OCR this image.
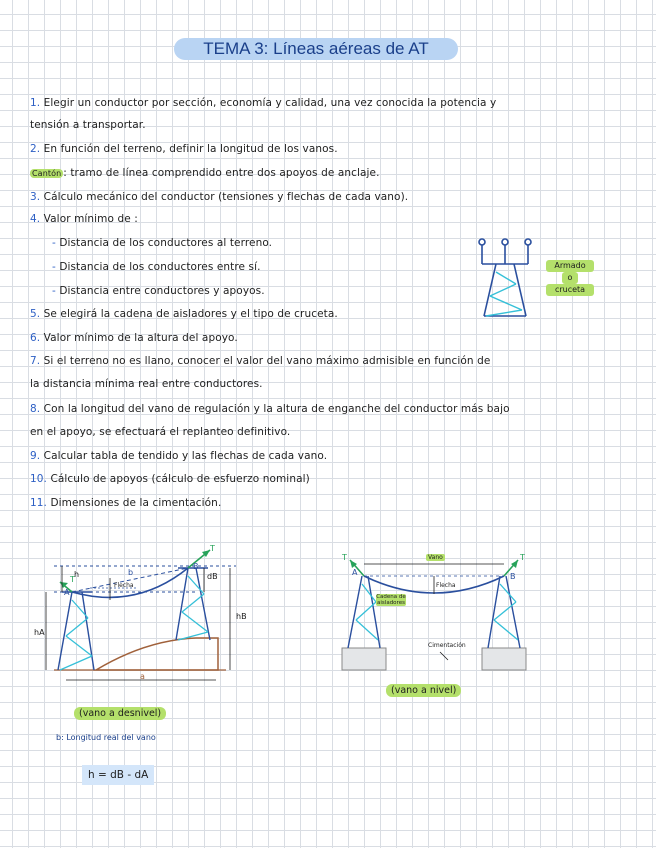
TEMA 3: Líneas aéreas de AT
1. Elegir un conductor por sección, economía y calidad, una vez conocida la potencia y
tensión a transportar.
2. En función del terreno, definir la longitud de los vanos.
Cantón : tramo de línea comprendido entre dos apoyos de anclaje.
3. Cálculo mecánico del conductor (tensiones y flechas de cada vano).
4. Valor mínimo de :
- Distancia de los conductores al terreno.
- Distancia de los conductores entre sí.
- Distancia entre conductores y apoyos.
5. Se elegirá la cadena de aisladores y el tipo de cruceta.
6. Valor mínimo de la altura del apoyo.
7. Si el terreno no es llano, conocer el valor del vano máximo admisible en función de
la distancia mínima real entre conductores.
8. Con la longitud del vano de regulación y la altura de enganche del conductor más bajo
en el apoyo, se efectuará el replanteo definitivo.
9. Calcular tabla de tendido y las flechas de cada vano.
10. Cálculo de apoyos (cálculo de esfuerzo nominal)
11. Dimensiones de la cimentación.
Armado
o
cruceta
T
T
A
B
b
h
Flecha
dB
hA
hB
a
(vano a desnivel)
b: Longitud real del vano
h = dB - dA
T	T
A	B
Vano
Flecha
Cadena de aisladores
Cimentación
(vano a nivel)
